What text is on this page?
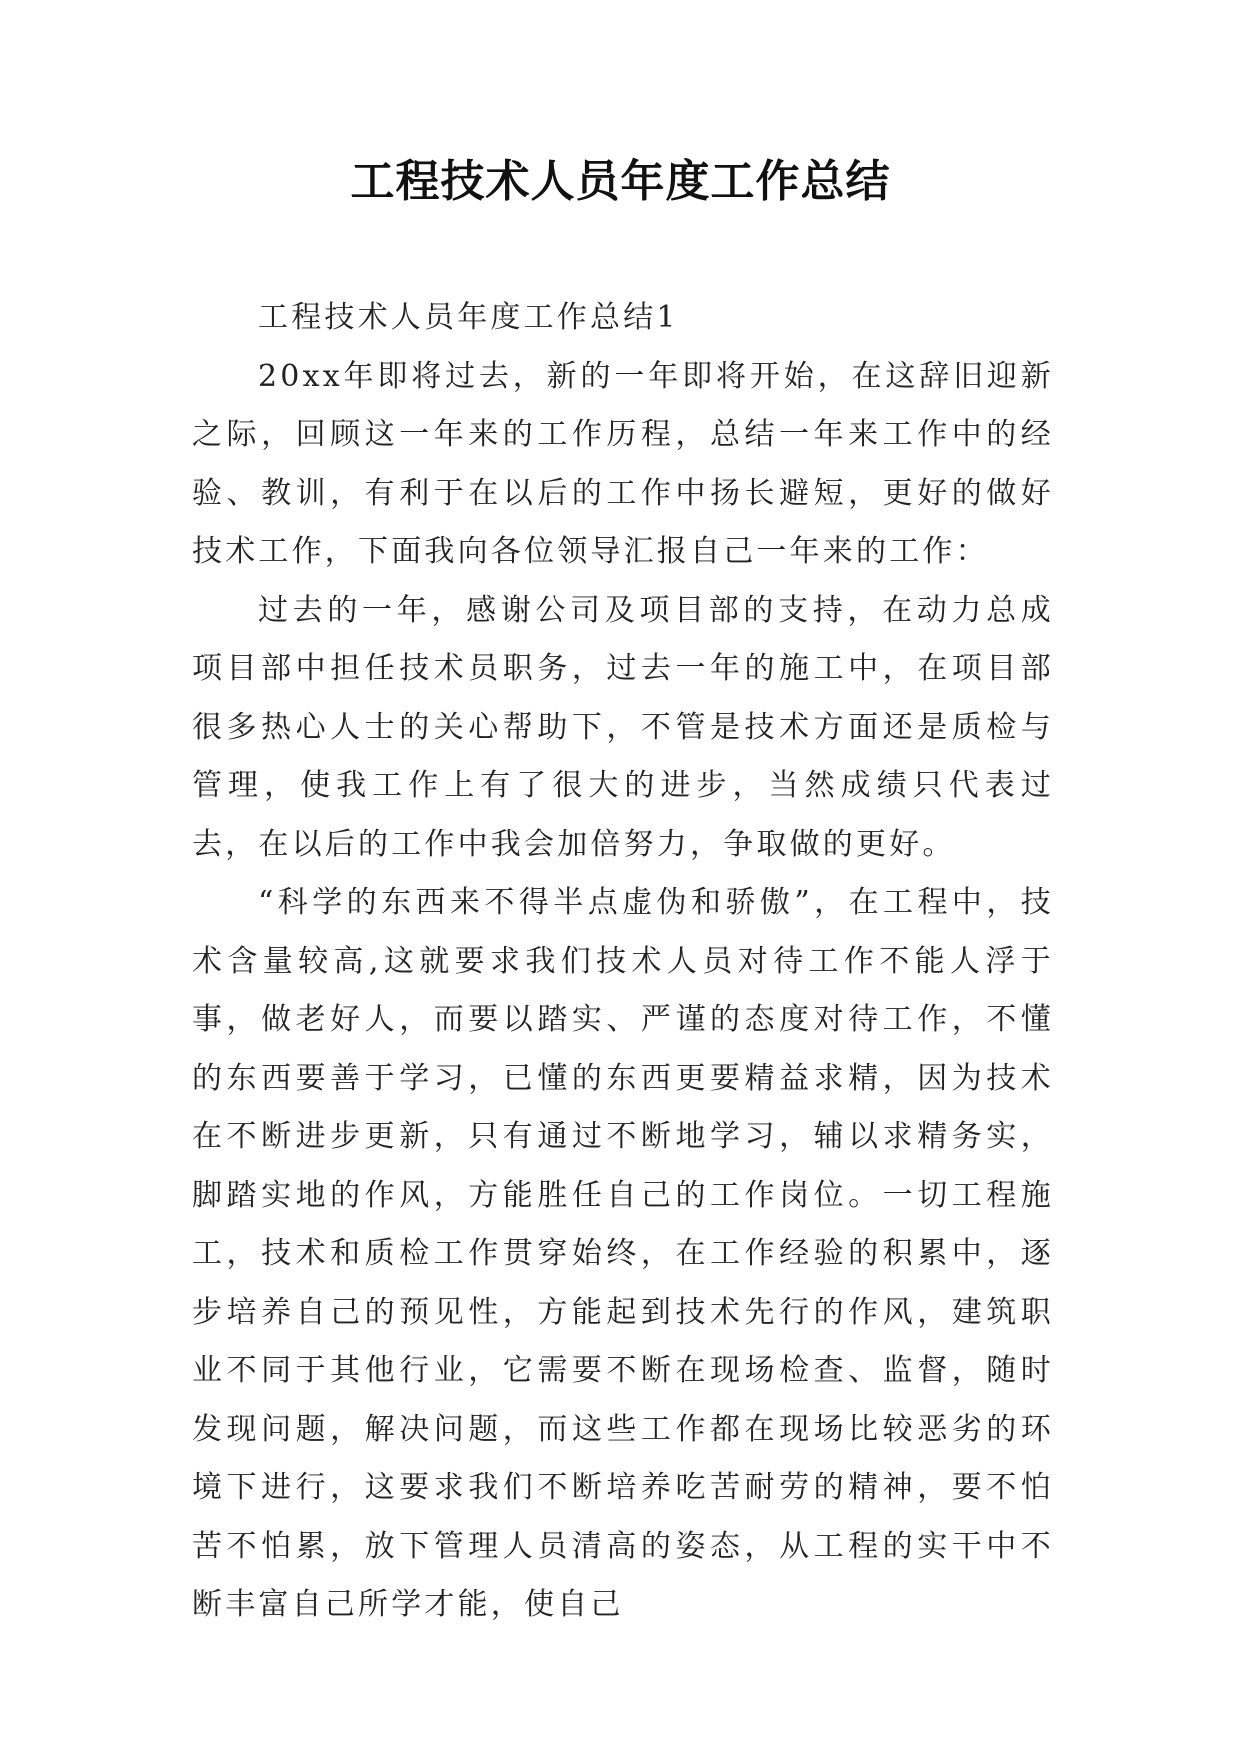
工程技术人员年度工作总结

工程技术人员年度工作总结1

20xx年即将过去，新的一年即将开始，在这辞旧迎新之际，回顾这一年来的工作历程，总结一年来工作中的经验、教训，有利于在以后的工作中扬长避短，更好的做好技术工作，下面我向各位领导汇报自己一年来的工作：

过去的一年，感谢公司及项目部的支持，在动力总成项目部中担任技术员职务，过去一年的施工中，在项目部很多热心人士的关心帮助下，不管是技术方面还是质检与管理，使我工作上有了很大的进步，当然成绩只代表过去，在以后的工作中我会加倍努力，争取做的更好。

“科学的东西来不得半点虚伪和骄傲”，在工程中，技术含量较高,这就要求我们技术人员对待工作不能人浮于事，做老好人，而要以踏实、严谨的态度对待工作，不懂的东西要善于学习，已懂的东西更要精益求精，因为技术在不断进步更新，只有通过不断地学习，辅以求精务实，脚踏实地的作风，方能胜任自己的工作岗位。一切工程施工，技术和质检工作贯穿始终，在工作经验的积累中，逐步培养自己的预见性，方能起到技术先行的作风，建筑职业不同于其他行业，它需要不断在现场检查、监督，随时发现问题，解决问题，而这些工作都在现场比较恶劣的环境下进行，这要求我们不断培养吃苦耐劳的精神，要不怕苦不怕累，放下管理人员清高的姿态，从工程的实干中不断丰富自己所学才能，使自己
